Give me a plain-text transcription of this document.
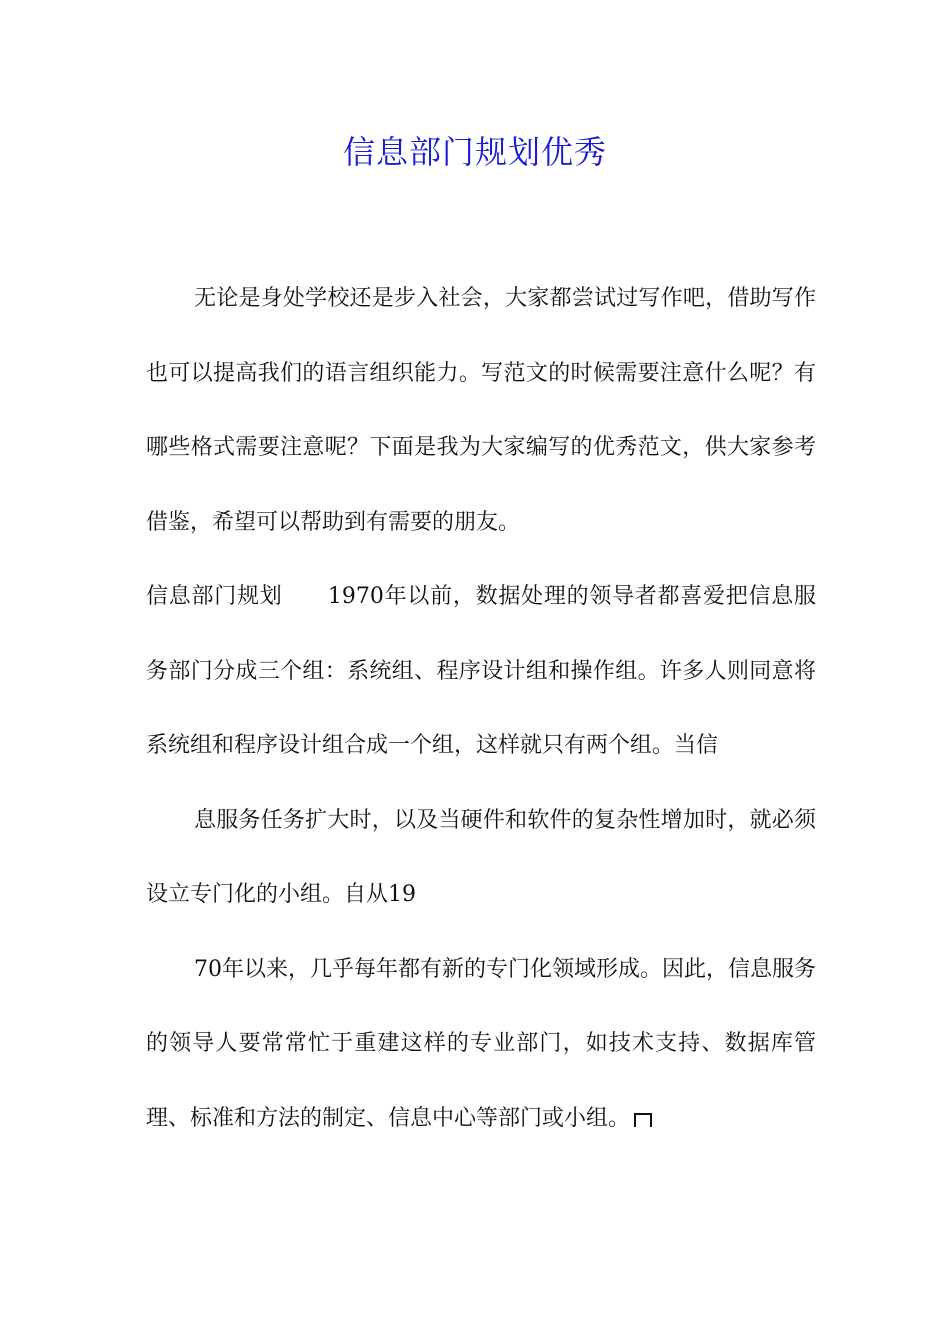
信息部门规划优秀

无论是身处学校还是步入社会，大家都尝试过写作吧，借助写作也可以提高我们的语言组织能力。写范文的时候需要注意什么呢？有哪些格式需要注意呢？下面是我为大家编写的优秀范文，供大家参考借鉴，希望可以帮助到有需要的朋友。

信息部门规划　　1970年以前，数据处理的领导者都喜爱把信息服务部门分成三个组：系统组、程序设计组和操作组。许多人则同意将系统组和程序设计组合成一个组，这样就只有两个组。当信

息服务任务扩大时，以及当硬件和软件的复杂性增加时，就必须设立专门化的小组。自从19

70年以来，几乎每年都有新的专门化领域形成。因此，信息服务的领导人要常常忙于重建这样的专业部门，如技术支持、数据库管理、标准和方法的制定、信息中心等部门或小组。
